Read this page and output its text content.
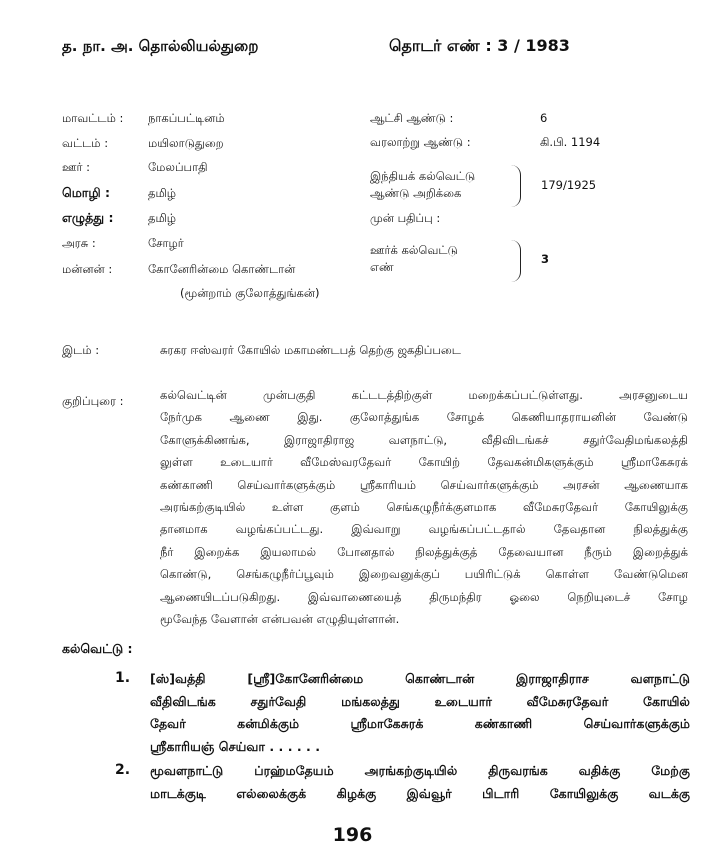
த. நா. அ. தொல்லியல்துறை	தொடர் எண் : 3 / 1983
மாவட்டம் : நாகப்பட்டினம்
வட்டம் :	மயிலாடுதுறை
ஊர் :	மேலப்பாதி
மொழி :	தமிழ்
எழுத்து :	தமிழ்
அரசு :	சோழர்
மன்னன் :	கோனேரின்மை கொண்டான்
(மூன்றாம் குலோத்துங்கன்)
ஆட்சி ஆண்டு :	6
வரலாற்று ஆண்டு :	கி.பி. 1194
இந்தியக் கல்வெட்டு
ஆண்டு அறிக்கை
179/1925
முன் பதிப்பு :
ஊர்க் கல்வெட்டு
எண்
3
இடம் :	சுரகர ஈஸ்வரர் கோயில் மகாமண்டபத் தெற்கு ஜகதிப்படை
குறிப்புரை :	கல்வெட்டின் முன்பகுதி கட்டடத்திற்குள் மறைக்கப்பட்டுள்ளது. அரசனுடைய
நேர்முக ஆணை இது. குலோத்துங்க சோழக் கெணியாதராயனின் வேண்டு
கோளுக்கிணங்க, இராஜாதிராஜ வளநாட்டு, வீதிவிடங்கச் சதுர்வேதிமங்கலத்தி
லுள்ள உடையார் வீமேஸ்வரதேவர் கோயிற் தேவகன்மிகளுக்கும் ஸ்ரீமாகேசுரக்
கண்காணி செய்வார்களுக்கும் ஸ்ரீகாரியம் செய்வார்களுக்கும் அரசன் ஆணையாக
அரங்கற்குடியில் உள்ள குளம் செங்கழுநீர்க்குளமாக வீமேசுரதேவர் கோயிலுக்கு
தானமாக வழங்கப்பட்டது. இவ்வாறு வழங்கப்பட்டதால் தேவதான நிலத்துக்கு
நீர் இறைக்க இயலாமல் போனதால் நிலத்துக்குத் தேவையான நீரும் இறைத்துக்
கொண்டு, செங்கழுநீர்ப்பூவும் இறைவனுக்குப் பயிரிட்டுக் கொள்ள வேண்டுமென
ஆணையிடப்படுகிறது. இவ்வாணையைத் திருமந்திர ஓலை நெறியுடைச் சோழ
மூவேந்த வேளான் என்பவன் எழுதியுள்ளான்.
கல்வெட்டு :
1. [ஸ்]வத்தி [ஸ்ரீ]கோனேரின்மை கொண்டான் இராஜாதிராச வளநாட்டு
வீதிவிடங்க சதுர்வேதி மங்கலத்து உடையார் வீமேசுரதேவர் கோயில்
தேவர் கன்மிக்கும் ஸ்ரீமாகேசுரக் கண்காணி செய்வார்களுக்கும்
ஸ்ரீகாரியஞ் செய்வா . . . . . .
2. மூவளநாட்டு ப்ரஹ்மதேயம் அரங்கற்குடியில் திருவரங்க வதிக்கு மேற்கு
மாடக்குடி எல்லைக்குக் கிழக்கு இவ்வூர் பிடாரி கோயிலுக்கு வடக்கு
196
